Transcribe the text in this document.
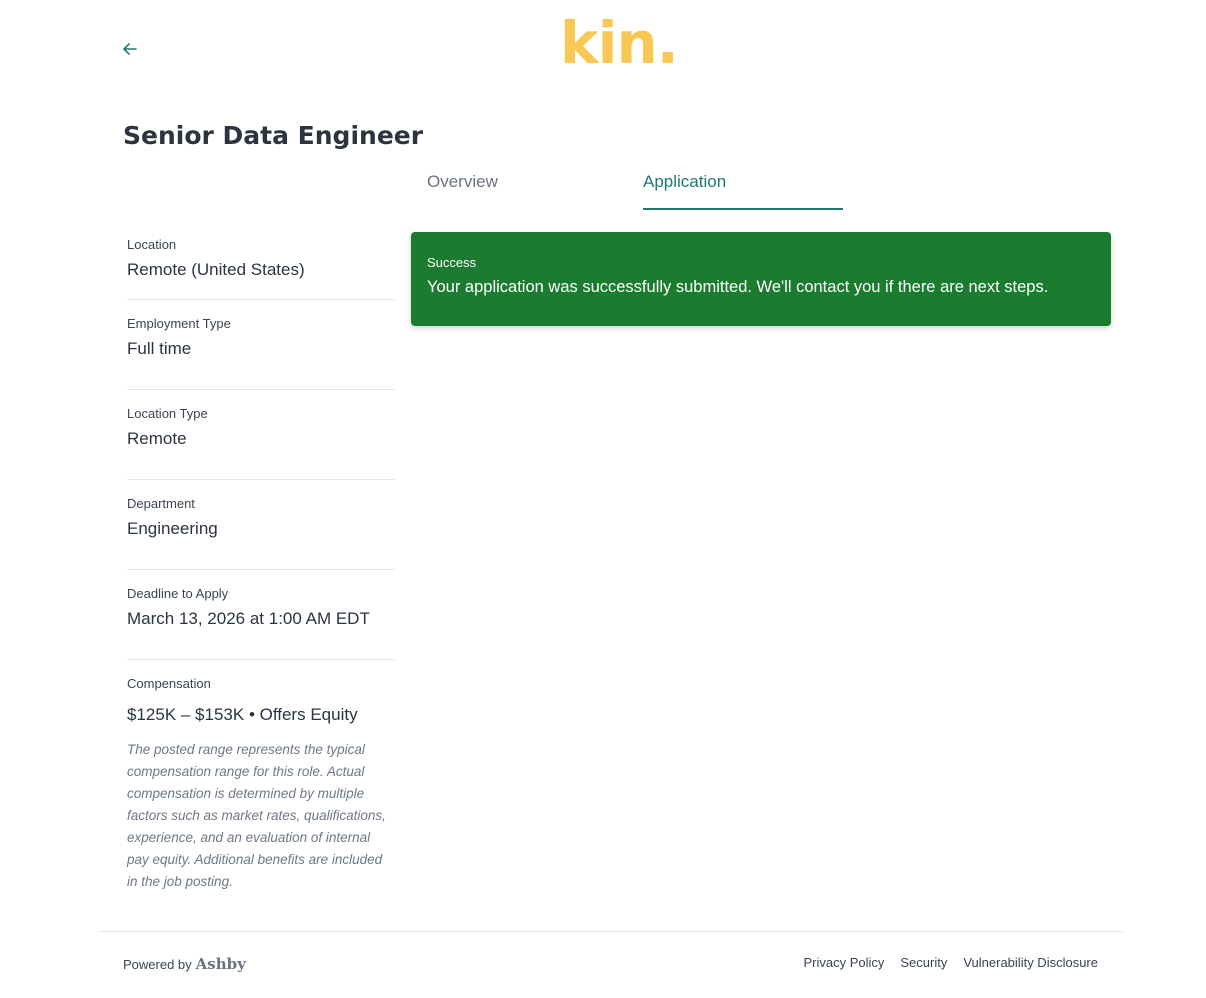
kin.
Senior Data Engineer
Overview	Application
Location
Remote (United States)
Employment Type
Full time
Location Type
Remote
Department
Engineering
Deadline to Apply
March 13, 2026 at 1:00 AM EDT
Compensation
$125K – $153K • Offers Equity
The posted range represents the typical compensation range for this role. Actual compensation is determined by multiple factors such as market rates, qualifications, experience, and an evaluation of internal pay equity. Additional benefits are included in the job posting.
Success
Your application was successfully submitted. We'll contact you if there are next steps.
Powered by Ashby	Privacy Policy Security Vulnerability Disclosure
